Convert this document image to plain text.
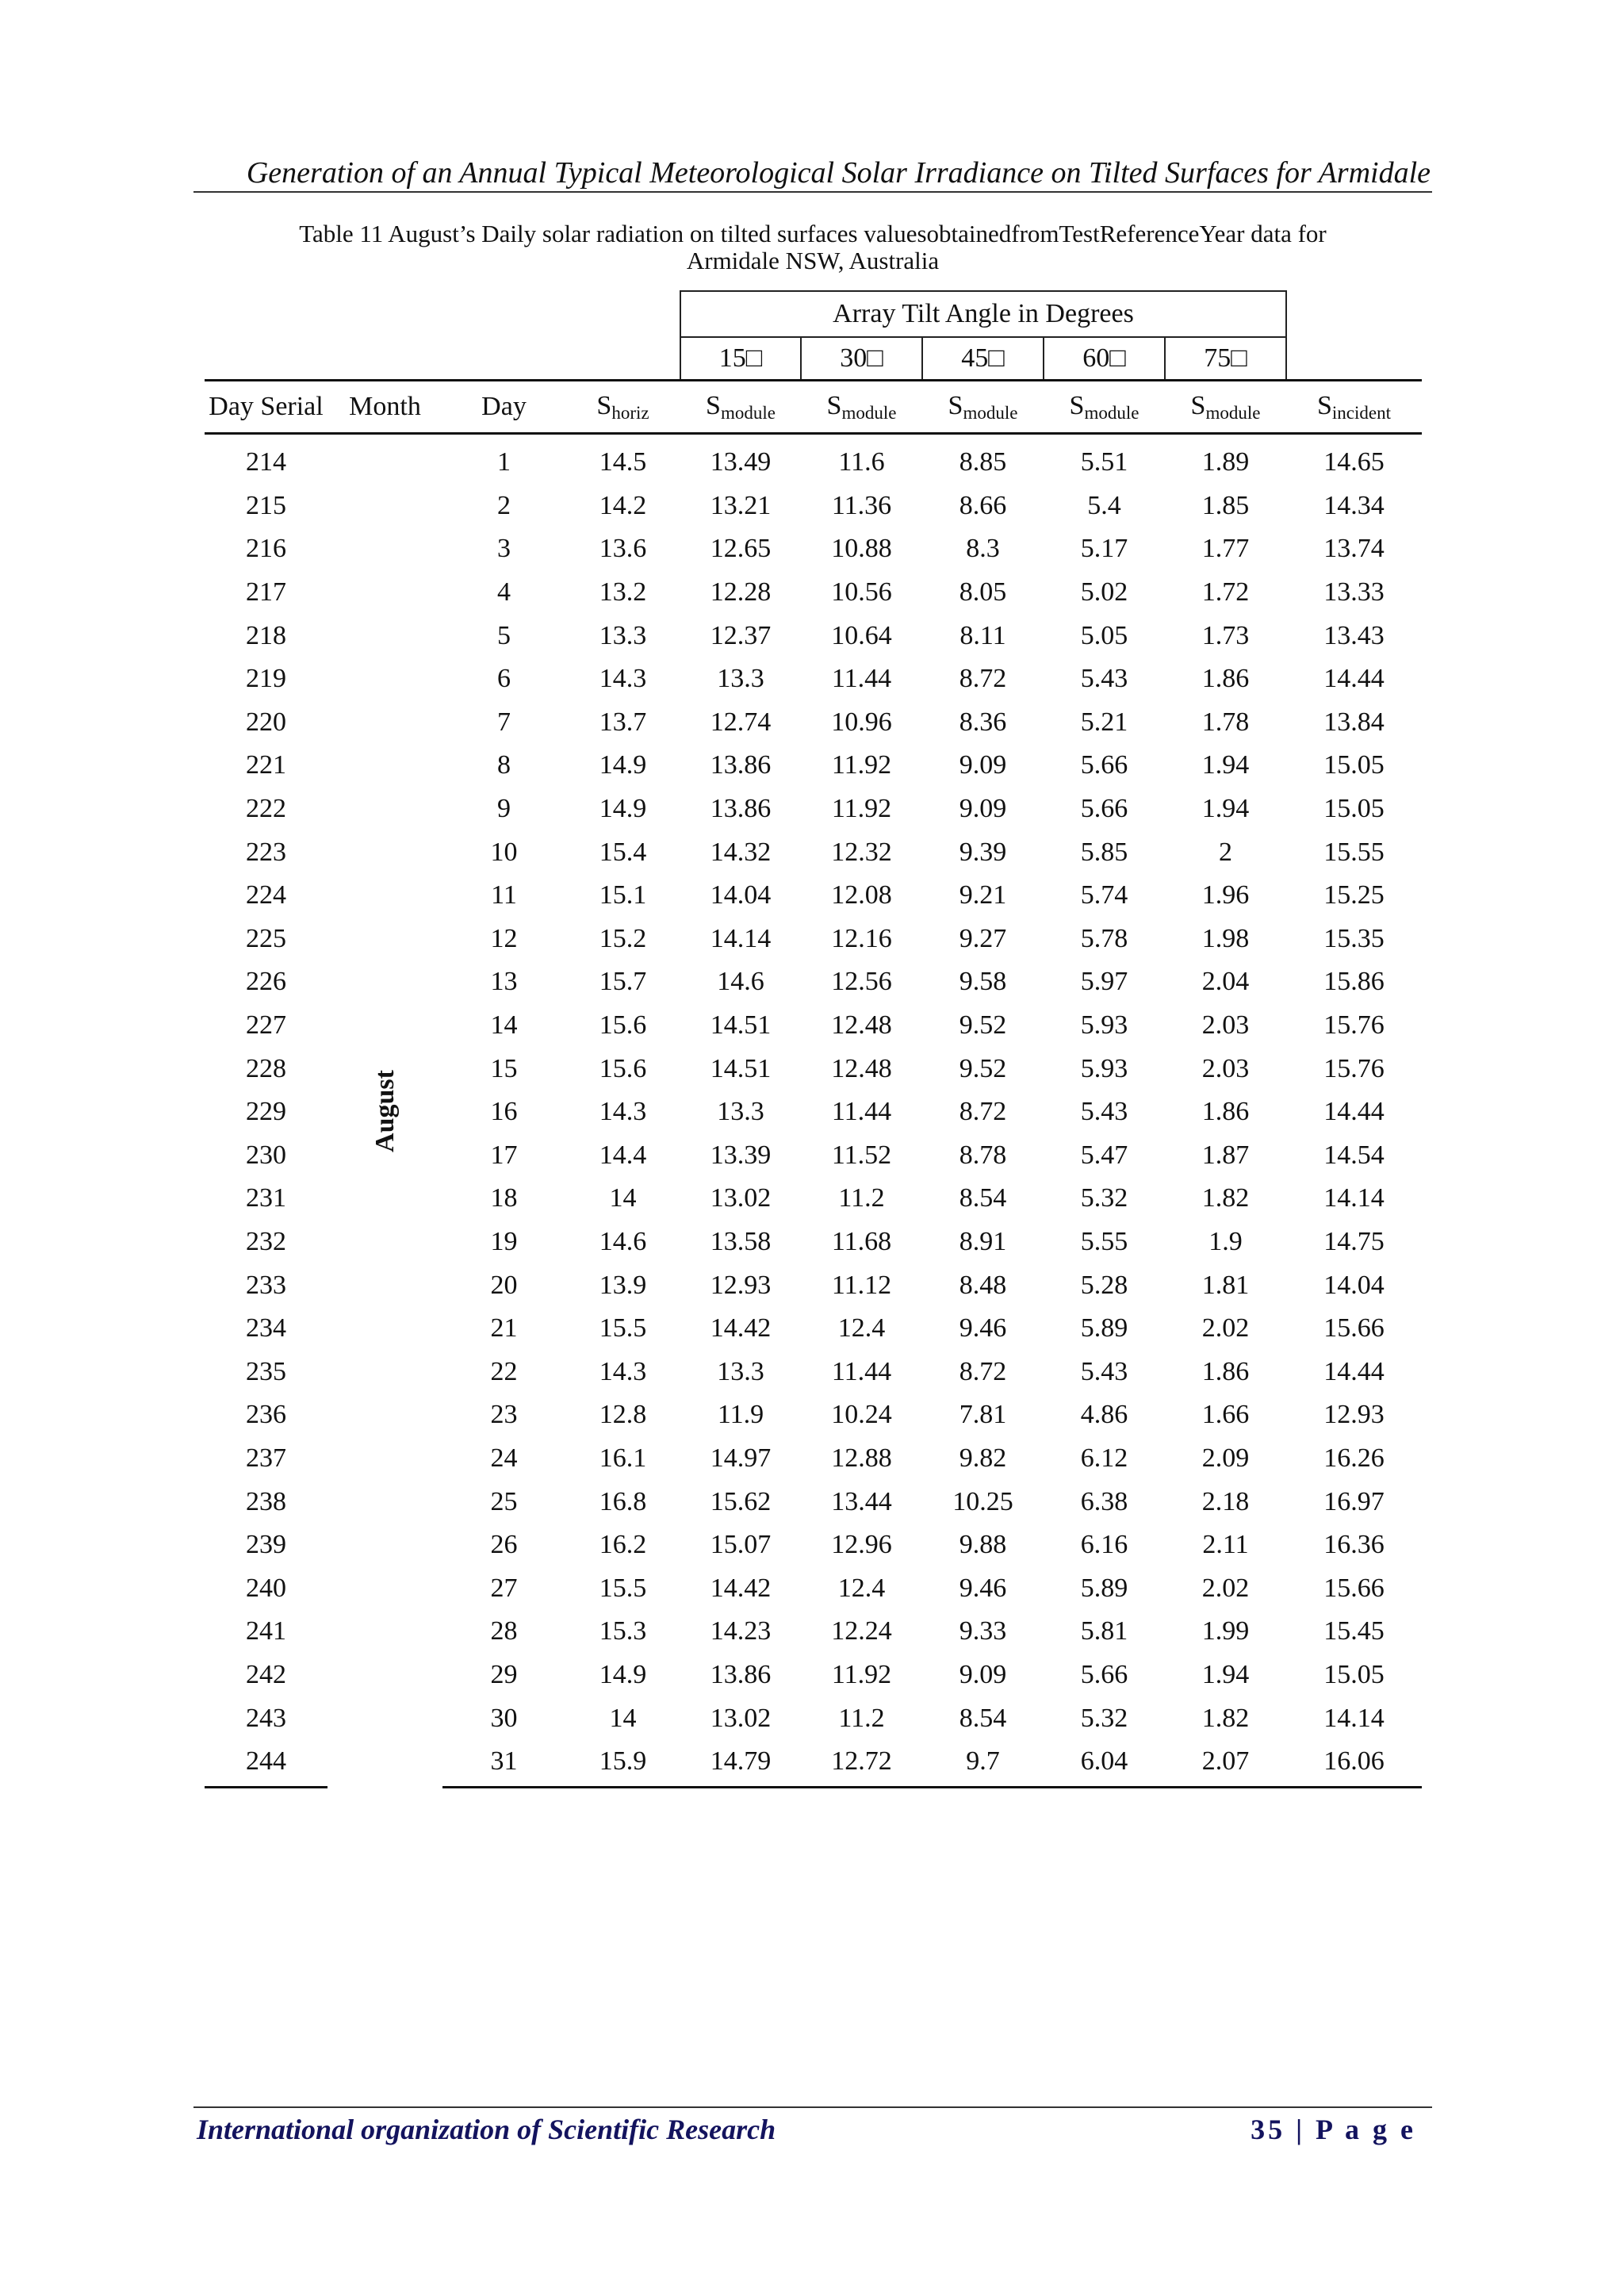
Generation of an Annual Typical Meteorological Solar Irradiance on Tilted Surfaces for Armidale
Table 11 August’s Daily solar radiation on tilted surfaces valuesobtainedfromTestReferenceYear data for
Armidale NSW, Australia
				Array Tilt Angle in Degrees					
				15□	30□	45□	60□	75□	
Day Serial	Month	Day	$S_{horiz}$	$S_{module}$	$S_{module}$	$S_{module}$	$S_{module}$	$S_{module}$	$S_{incident}$
214	August	1	14.5	13.49	11.6	8.85	5.51	1.89	14.65
215		2	14.2	13.21	11.36	8.66	5.4	1.85	14.34
216		3	13.6	12.65	10.88	8.3	5.17	1.77	13.74
217		4	13.2	12.28	10.56	8.05	5.02	1.72	13.33
218		5	13.3	12.37	10.64	8.11	5.05	1.73	13.43
219		6	14.3	13.3	11.44	8.72	5.43	1.86	14.44
220		7	13.7	12.74	10.96	8.36	5.21	1.78	13.84
221		8	14.9	13.86	11.92	9.09	5.66	1.94	15.05
222		9	14.9	13.86	11.92	9.09	5.66	1.94	15.05
223		10	15.4	14.32	12.32	9.39	5.85	2	15.55
224		11	15.1	14.04	12.08	9.21	5.74	1.96	15.25
225		12	15.2	14.14	12.16	9.27	5.78	1.98	15.35
226		13	15.7	14.6	12.56	9.58	5.97	2.04	15.86
227		14	15.6	14.51	12.48	9.52	5.93	2.03	15.76
228		15	15.6	14.51	12.48	9.52	5.93	2.03	15.76
229		16	14.3	13.3	11.44	8.72	5.43	1.86	14.44
230		17	14.4	13.39	11.52	8.78	5.47	1.87	14.54
231		18	14	13.02	11.2	8.54	5.32	1.82	14.14
232		19	14.6	13.58	11.68	8.91	5.55	1.9	14.75
233		20	13.9	12.93	11.12	8.48	5.28	1.81	14.04
234		21	15.5	14.42	12.4	9.46	5.89	2.02	15.66
235		22	14.3	13.3	11.44	8.72	5.43	1.86	14.44
236		23	12.8	11.9	10.24	7.81	4.86	1.66	12.93
237		24	16.1	14.97	12.88	9.82	6.12	2.09	16.26
238		25	16.8	15.62	13.44	10.25	6.38	2.18	16.97
239		26	16.2	15.07	12.96	9.88	6.16	2.11	16.36
240		27	15.5	14.42	12.4	9.46	5.89	2.02	15.66
241		28	15.3	14.23	12.24	9.33	5.81	1.99	15.45
242		29	14.9	13.86	11.92	9.09	5.66	1.94	15.05
243		30	14	13.02	11.2	8.54	5.32	1.82	14.14
244		31	15.9	14.79	12.72	9.7	6.04	2.07	16.06
International organization of Scientific Research	35 | P a g e
